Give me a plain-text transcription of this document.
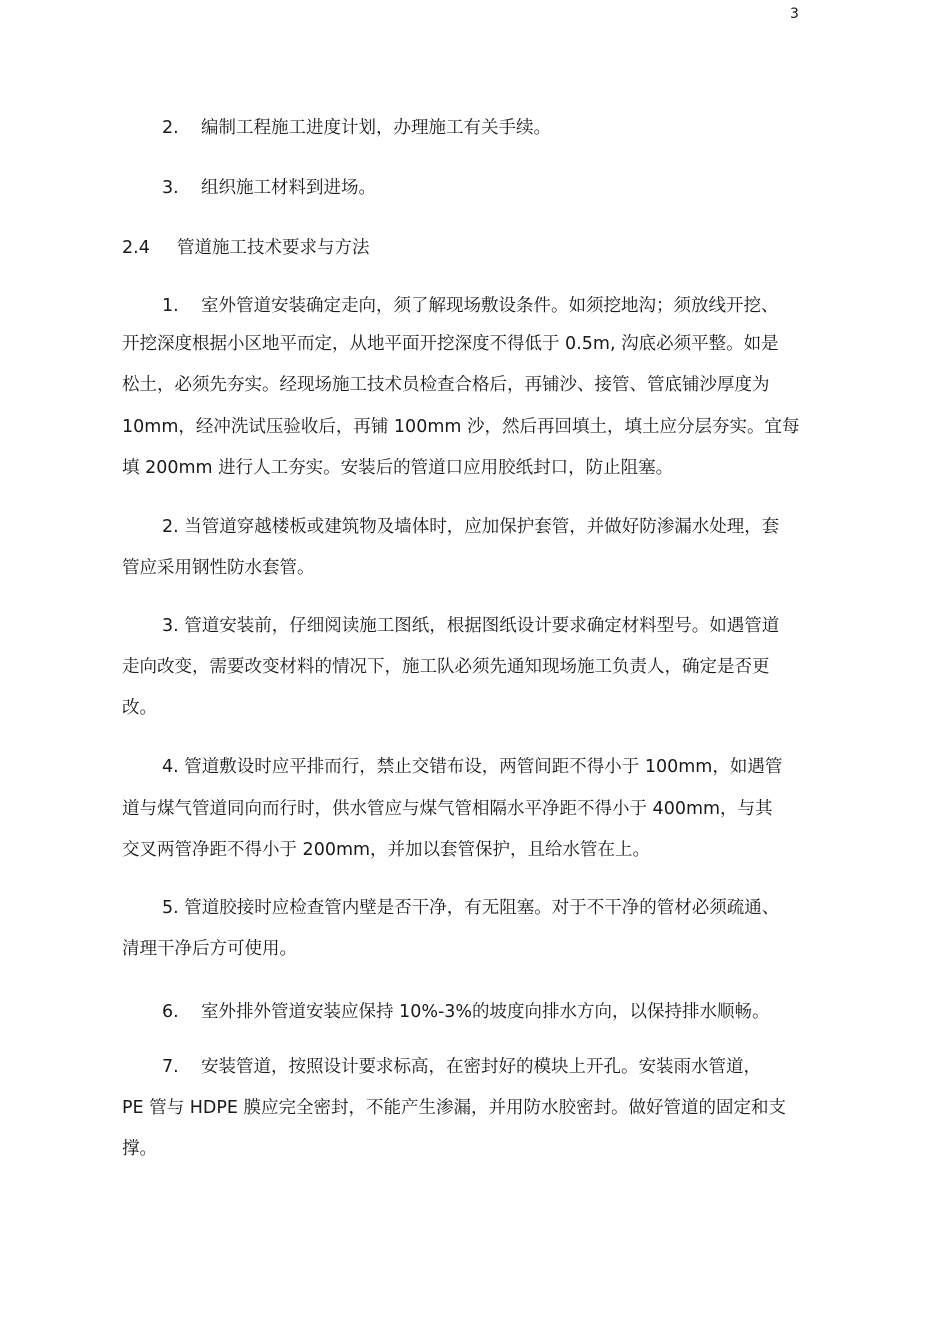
3
2. 编制工程施工进度计划，办理施工有关手续。
3. 组织施工材料到进场。
2.4 管道施工技术要求与方法
1. 室外管道安装确定走向，须了解现场敷设条件。如须挖地沟；须放线开挖、
开挖深度根据小区地平而定，从地平面开挖深度不得低于 0.5m, 沟底必须平整。如是
松土，必须先夯实。经现场施工技术员检查合格后，再铺沙、接管、管底铺沙厚度为
10mm，经冲洗试压验收后，再铺 100mm 沙，然后再回填土，填土应分层夯实。宜每
填 200mm 进行人工夯实。安装后的管道口应用胶纸封口，防止阻塞。
2. 当管道穿越楼板或建筑物及墙体时，应加保护套管，并做好防渗漏水处理，套
管应采用钢性防水套管。
3. 管道安装前，仔细阅读施工图纸，根据图纸设计要求确定材料型号。如遇管道
走向改变，需要改变材料的情况下，施工队必须先通知现场施工负责人，确定是否更
改。
4. 管道敷设时应平排而行，禁止交错布设，两管间距不得小于 100mm，如遇管
道与煤气管道同向而行时，供水管应与煤气管相隔水平净距不得小于 400mm，与其
交叉两管净距不得小于 200mm，并加以套管保护，且给水管在上。
5. 管道胶接时应检查管内壁是否干净，有无阻塞。对于不干净的管材必须疏通、
清理干净后方可使用。
6. 室外排外管道安装应保持 10%-3%的坡度向排水方向，以保持排水顺畅。
7. 安装管道，按照设计要求标高，在密封好的模块上开孔。安装雨水管道，
PE 管与 HDPE 膜应完全密封，不能产生渗漏，并用防水胶密封。做好管道的固定和支
撑。
